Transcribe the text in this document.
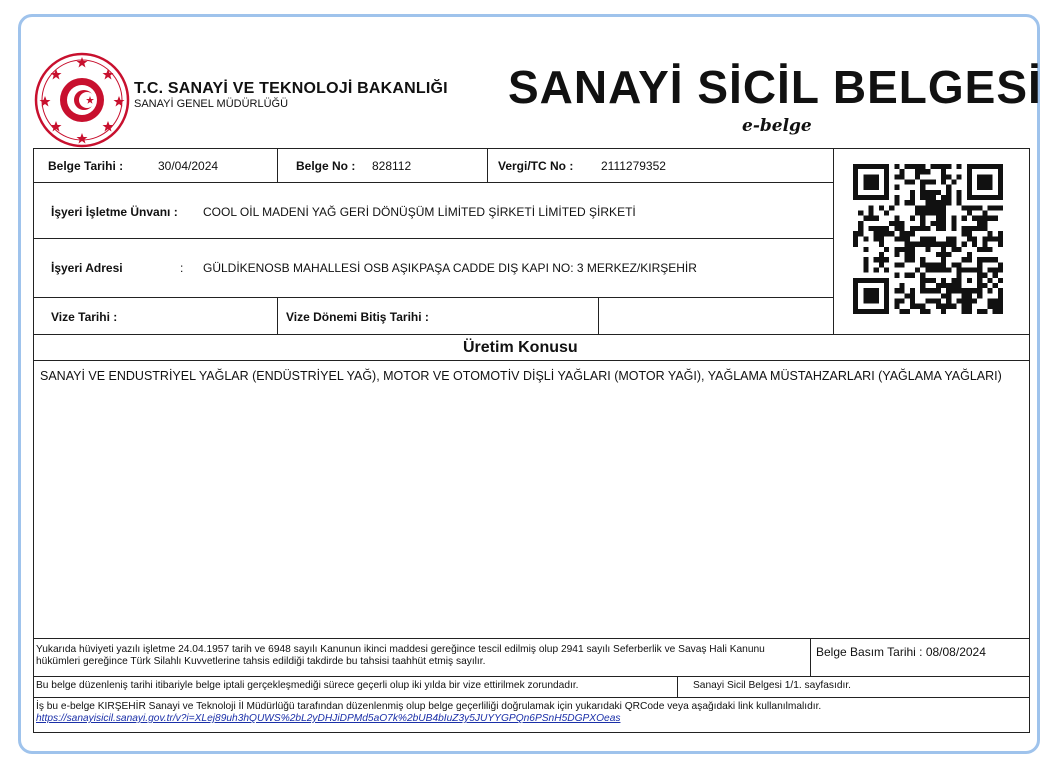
T.C. SANAYİ VE TEKNOLOJİ BAKANLIĞI
SANAYİ GENEL MÜDÜRLÜĞÜ	SANAYİ SİCİL BELGESİ
e-belge
Belge Tarihi :	30/04/2024	Belge No : 828112	Vergi/TC No : 2111279352
İşyeri İşletme Ünvanı : COOL OİL MADENİ YAĞ GERİ DÖNÜŞÜM LİMİTED ŞİRKETİ LİMİTED ŞİRKETİ
İşyeri Adresi	: GÜLDİKENOSB MAHALLESİ OSB AŞIKPAŞA CADDE DIŞ KAPI NO: 3 MERKEZ/KIRŞEHİR
Vize Tarihi :	Vize Dönemi Bitiş Tarihi :
Üretim Konusu
SANAYİ VE ENDUSTRİYEL YAĞLAR (ENDÜSTRİYEL YAĞ), MOTOR VE OTOMOTİV DİŞLİ YAĞLARI (MOTOR YAĞI), YAĞLAMA MÜSTAHZARLARI (YAĞLAMA YAĞLARI)
Yukarıda hüviyeti yazılı işletme 24.04.1957 tarih ve 6948 sayılı Kanunun ikinci maddesi gereğince tescil edilmiş olup 2941 sayılı Seferberlik ve Savaş Hali Kanunu hükümleri gereğince Türk Silahlı Kuvvetlerine tahsis edildiği takdirde bu tahsisi taahhüt etmiş sayılır.
Belge Basım Tarihi : 08/08/2024
Bu belge düzenleniş tarihi itibariyle belge iptali gerçekleşmediği sürece geçerli olup iki yılda bir vize ettirilmek zorundadır.	Sanayi Sicil Belgesi 1/1. sayfasıdır.
İş bu e-belge KIRŞEHİR Sanayi ve Teknoloji İl Müdürlüğü tarafından düzenlenmiş olup belge geçerliliği doğrulamak için yukarıdaki QRCode veya aşağıdaki link kullanılmalıdır.
https://sanayisicil.sanayi.gov.tr/v?i=XLej89uh3hQUWS%2bL2yDHJiDPMd5aO7k%2bUB4bIuZ3y5JUYYGPQn6PSnH5DGPXOeas
